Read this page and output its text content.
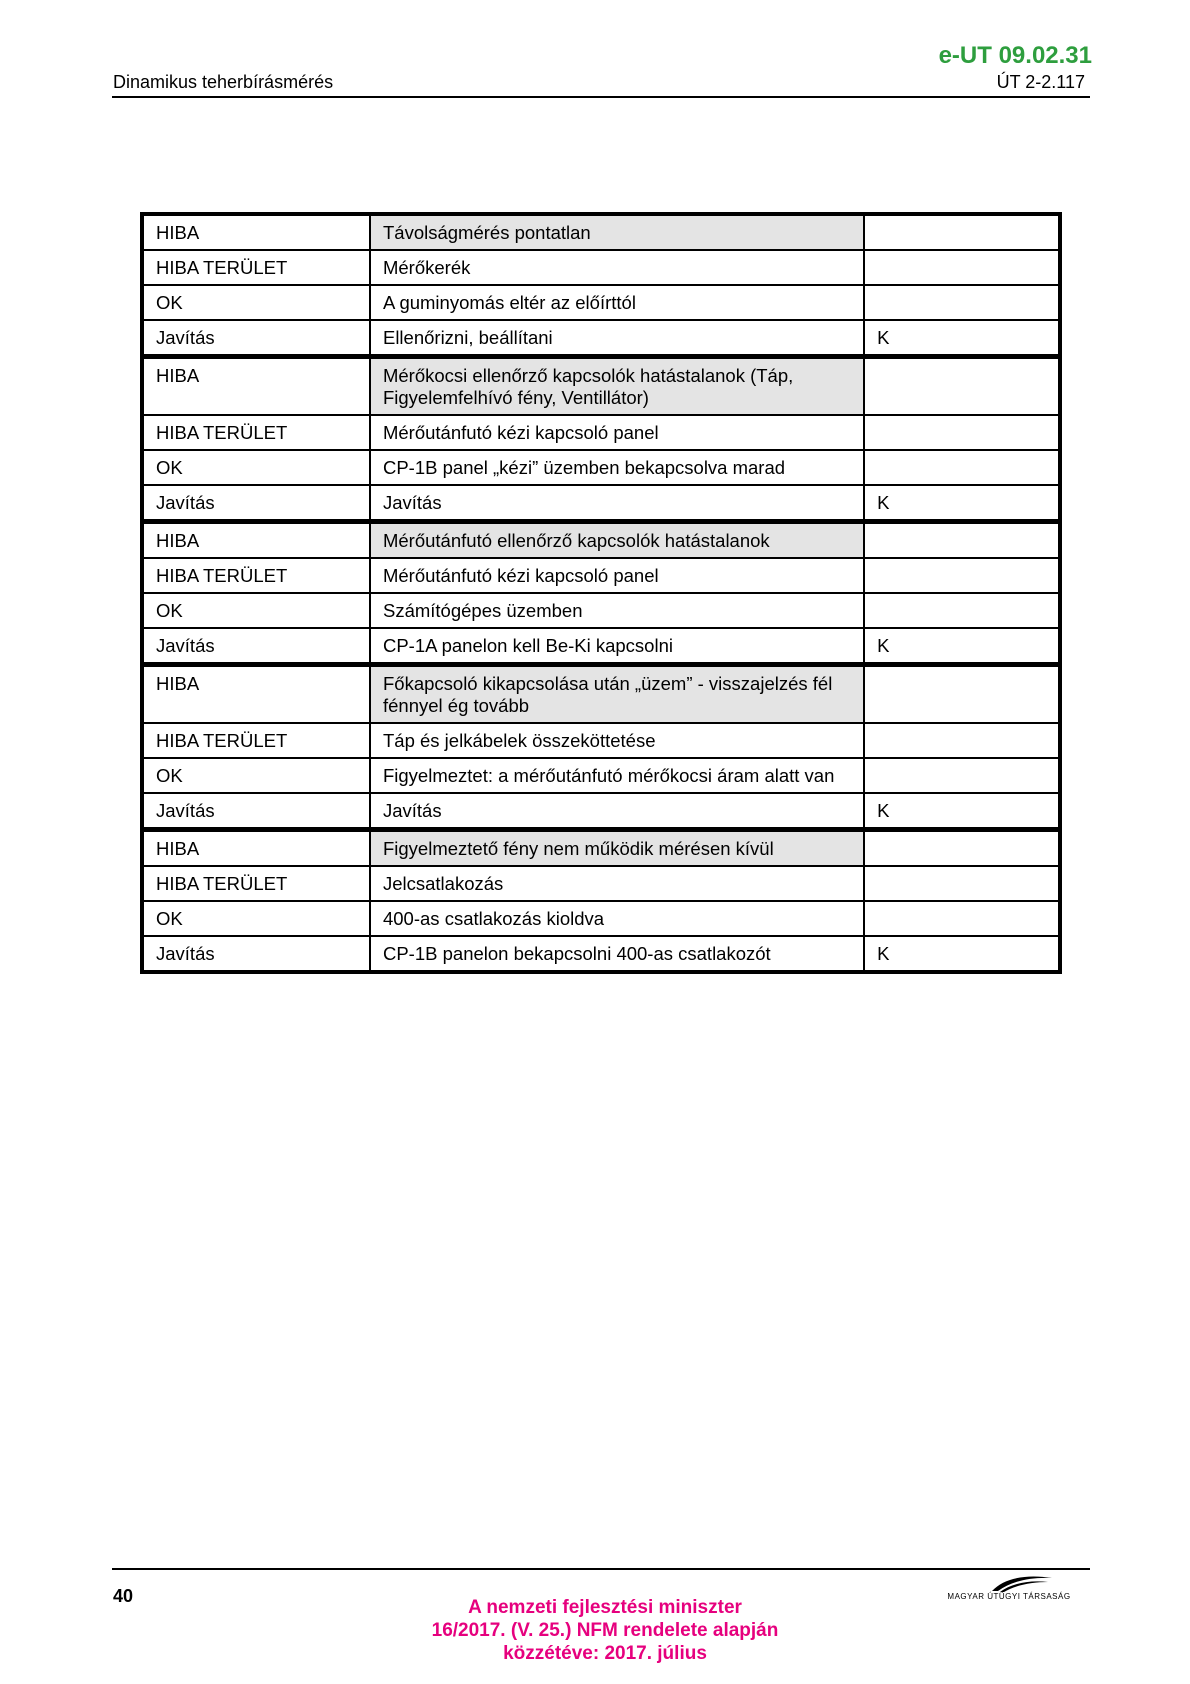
e-UT 09.02.31
Dinamikus teherbírásmérés	ÚT 2-2.117
HIBA	Távolságmérés pontatlan	
HIBA TERÜLET	Mérőkerék	
OK	A guminyomás eltér az előírttól	
Javítás	Ellenőrizni, beállítani	K
HIBA	Mérőkocsi ellenőrző kapcsolók hatástalanok (Táp, Figyelemfelhívó fény, Ventillátor)	
HIBA TERÜLET	Mérőutánfutó kézi kapcsoló panel	
OK	CP-1B panel „kézi” üzemben bekapcsolva marad	
Javítás	Javítás	K
HIBA	Mérőutánfutó ellenőrző kapcsolók hatástalanok	
HIBA TERÜLET	Mérőutánfutó kézi kapcsoló panel	
OK	Számítógépes üzemben	
Javítás	CP-1A panelon kell Be-Ki kapcsolni	K
HIBA	Főkapcsoló kikapcsolása után „üzem” - visszajelzés fél fénnyel ég tovább	
HIBA TERÜLET	Táp és jelkábelek összeköttetése	
OK	Figyelmeztet: a mérőutánfutó mérőkocsi áram alatt van	
Javítás	Javítás	K
HIBA	Figyelmeztető fény nem működik mérésen kívül	
HIBA TERÜLET	Jelcsatlakozás	
OK	400-as csatlakozás kioldva	
Javítás	CP-1B panelon bekapcsolni 400-as csatlakozót	K
40
A nemzeti fejlesztési miniszter
16/2017. (V. 25.) NFM rendelete alapján
közzétéve: 2017. július
MAGYAR ÚTÜGYI TÁRSASÁG
